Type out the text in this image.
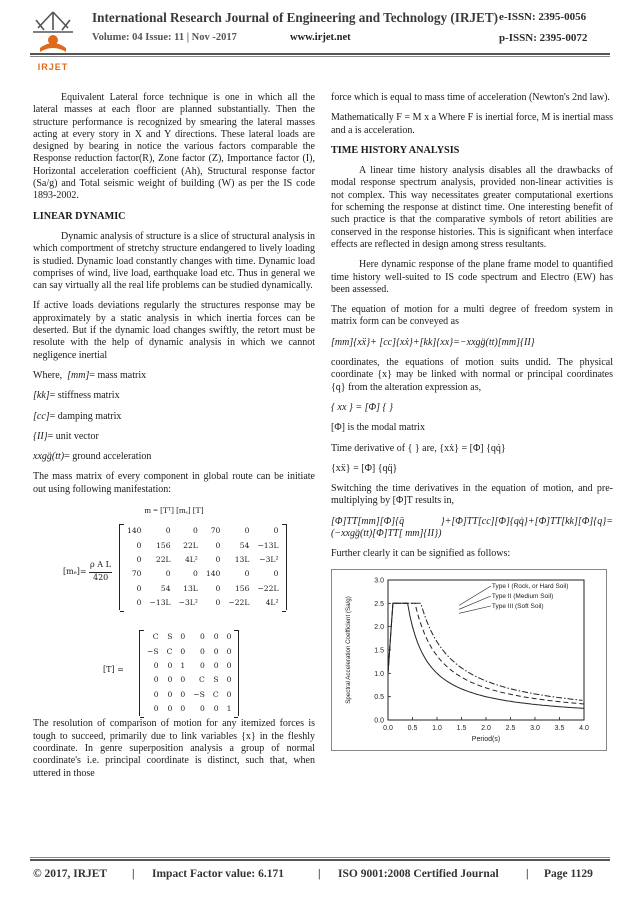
IRJET
International Research Journal of Engineering and Technology (IRJET) e-ISSN: 2395-0056
Volume: 04 Issue: 11 | Nov -2017	www.irjet.net	p-ISSN: 2395-0072

Equivalent Lateral force technique is one in which all the lateral masses at each floor are planned substantially. Then the structure performance is recognized by smearing the lateral masses acting at every story in X and Y directions. These lateral loads are designed by bearing in notice the various factors comparable the Response reduction factor(R), Zone factor (Z), Importance factor (I), Horizontal acceleration coefficient (Ah), Structural response factor (Sa/g) and Total seismic weight of building (W) as per the IS code 1893-2002.

LINEAR DYNAMIC

Dynamic analysis of structure is a slice of structural analysis in which comportment of stretchy structure endangered to lively loading is studied. Dynamic load constantly changes with time. Dynamic load comprises of wind, live load, earthquake load etc. Thus in general we can say virtually all the real life problems can be studied dynamically.

If active loads deviations regularly the structures response may be approximately by a static analysis in which inertia forces can be deserted. But if the dynamic load changes swiftly, the retort must be resolute with the help of dynamic analysis in which we cannot negligence inertial

Where, [mm]= mass matrix

[kk]= stiffness matrix

[cc]= damping matrix

{II}= unit vector

xxgg̈(tt)= ground acceleration

The mass matrix of every component in global route can be initiate out using following manifestation:

m = [Tᵀ] [mₑ] [T]
[mₑ]=
ρ A L
420
140	0	0	70	0	0
0	156	22L	0	54	−13L
0	22L	4L²	0	13L	−3L²
70	0	0	140	0	0
0	54	13L	0	156	−22L
0	−13L	−3L²	0	−22L	4L²
[T] =
C	S	0	0	0	0
−S	C	0	0	0	0
0	0	1	0	0	0
0	0	0	C	S	0
0	0	0	−S	C	0
0	0	0	0	0	1

The resolution of comparison of motion for any itemized forces is tough to succeed, primarily due to link variables {x} in the fleshly coordinate. In genre superposition analysis a group of normal coordinate's i.e. principal coordinate is distinct, such that, when uttered in those

force which is equal to mass time of acceleration (Newton's 2nd law).

Mathematically F = M x a Where F is inertial force, M is inertial mass and a is acceleration.

TIME HISTORY ANALYSIS

A linear time history analysis disables all the drawbacks of modal response spectrum analysis, provided non-linear activities is not complex. This way necessitates greater computational exertions for scheming the response at distinct time. One interesting benefit of such practice is that the comparative symbols of retort abilities are conserved in the response histories. This is significant when interface effects are reflected in design among stress resultants.

Here dynamic response of the plane frame model to quantified time history well-suited to IS code spectrum and Electro (EW) has been assessed.

The equation of motion for a multi degree of freedom system in matrix form can be conveyed as

[mm]{xẍ}+ [cc]{xẋ}+[kk]{xx}=−xxgg̈(tt)[mm]{II}

coordinates, the equations of motion suits undid. The physical coordinate {x} may be linked with normal or principal coordinates {q} from the alteration expression as,

{ xx } = [Φ] { }

[Φ] is the modal matrix

Time derivative of { } are, {xẋ} = [Φ] {qq̇}

{xẍ} = [Φ] {qq̈}

Switching the time derivatives in the equation of motion, and pre-multiplying by [Φ]T results in,

[Φ]TT[mm][Φ]{q̈ }+[Φ]TT[cc][Φ]{qq̇}+[Φ]TT[kk][Φ]{q}=(−xxgg̈(tt)[Φ]TT[ mm]{II})

Further clearly it can be signified as follows:

0.0 0.5 1.0 1.5 2.0 2.5 3.0 3.5 4.0
0.0
0.5
1.0
1.5
2.0
2.5
3.0
Period(s)
Spectral Acceleration Coefficient (Sa/g)
Type I (Rock, or Hard Soil)
Type II (Medium Soil)
Type III (Soft Soil)
© 2017, IRJET | Impact Factor value: 6.171	| ISO 9001:2008 Certified Journal | Page 1129
